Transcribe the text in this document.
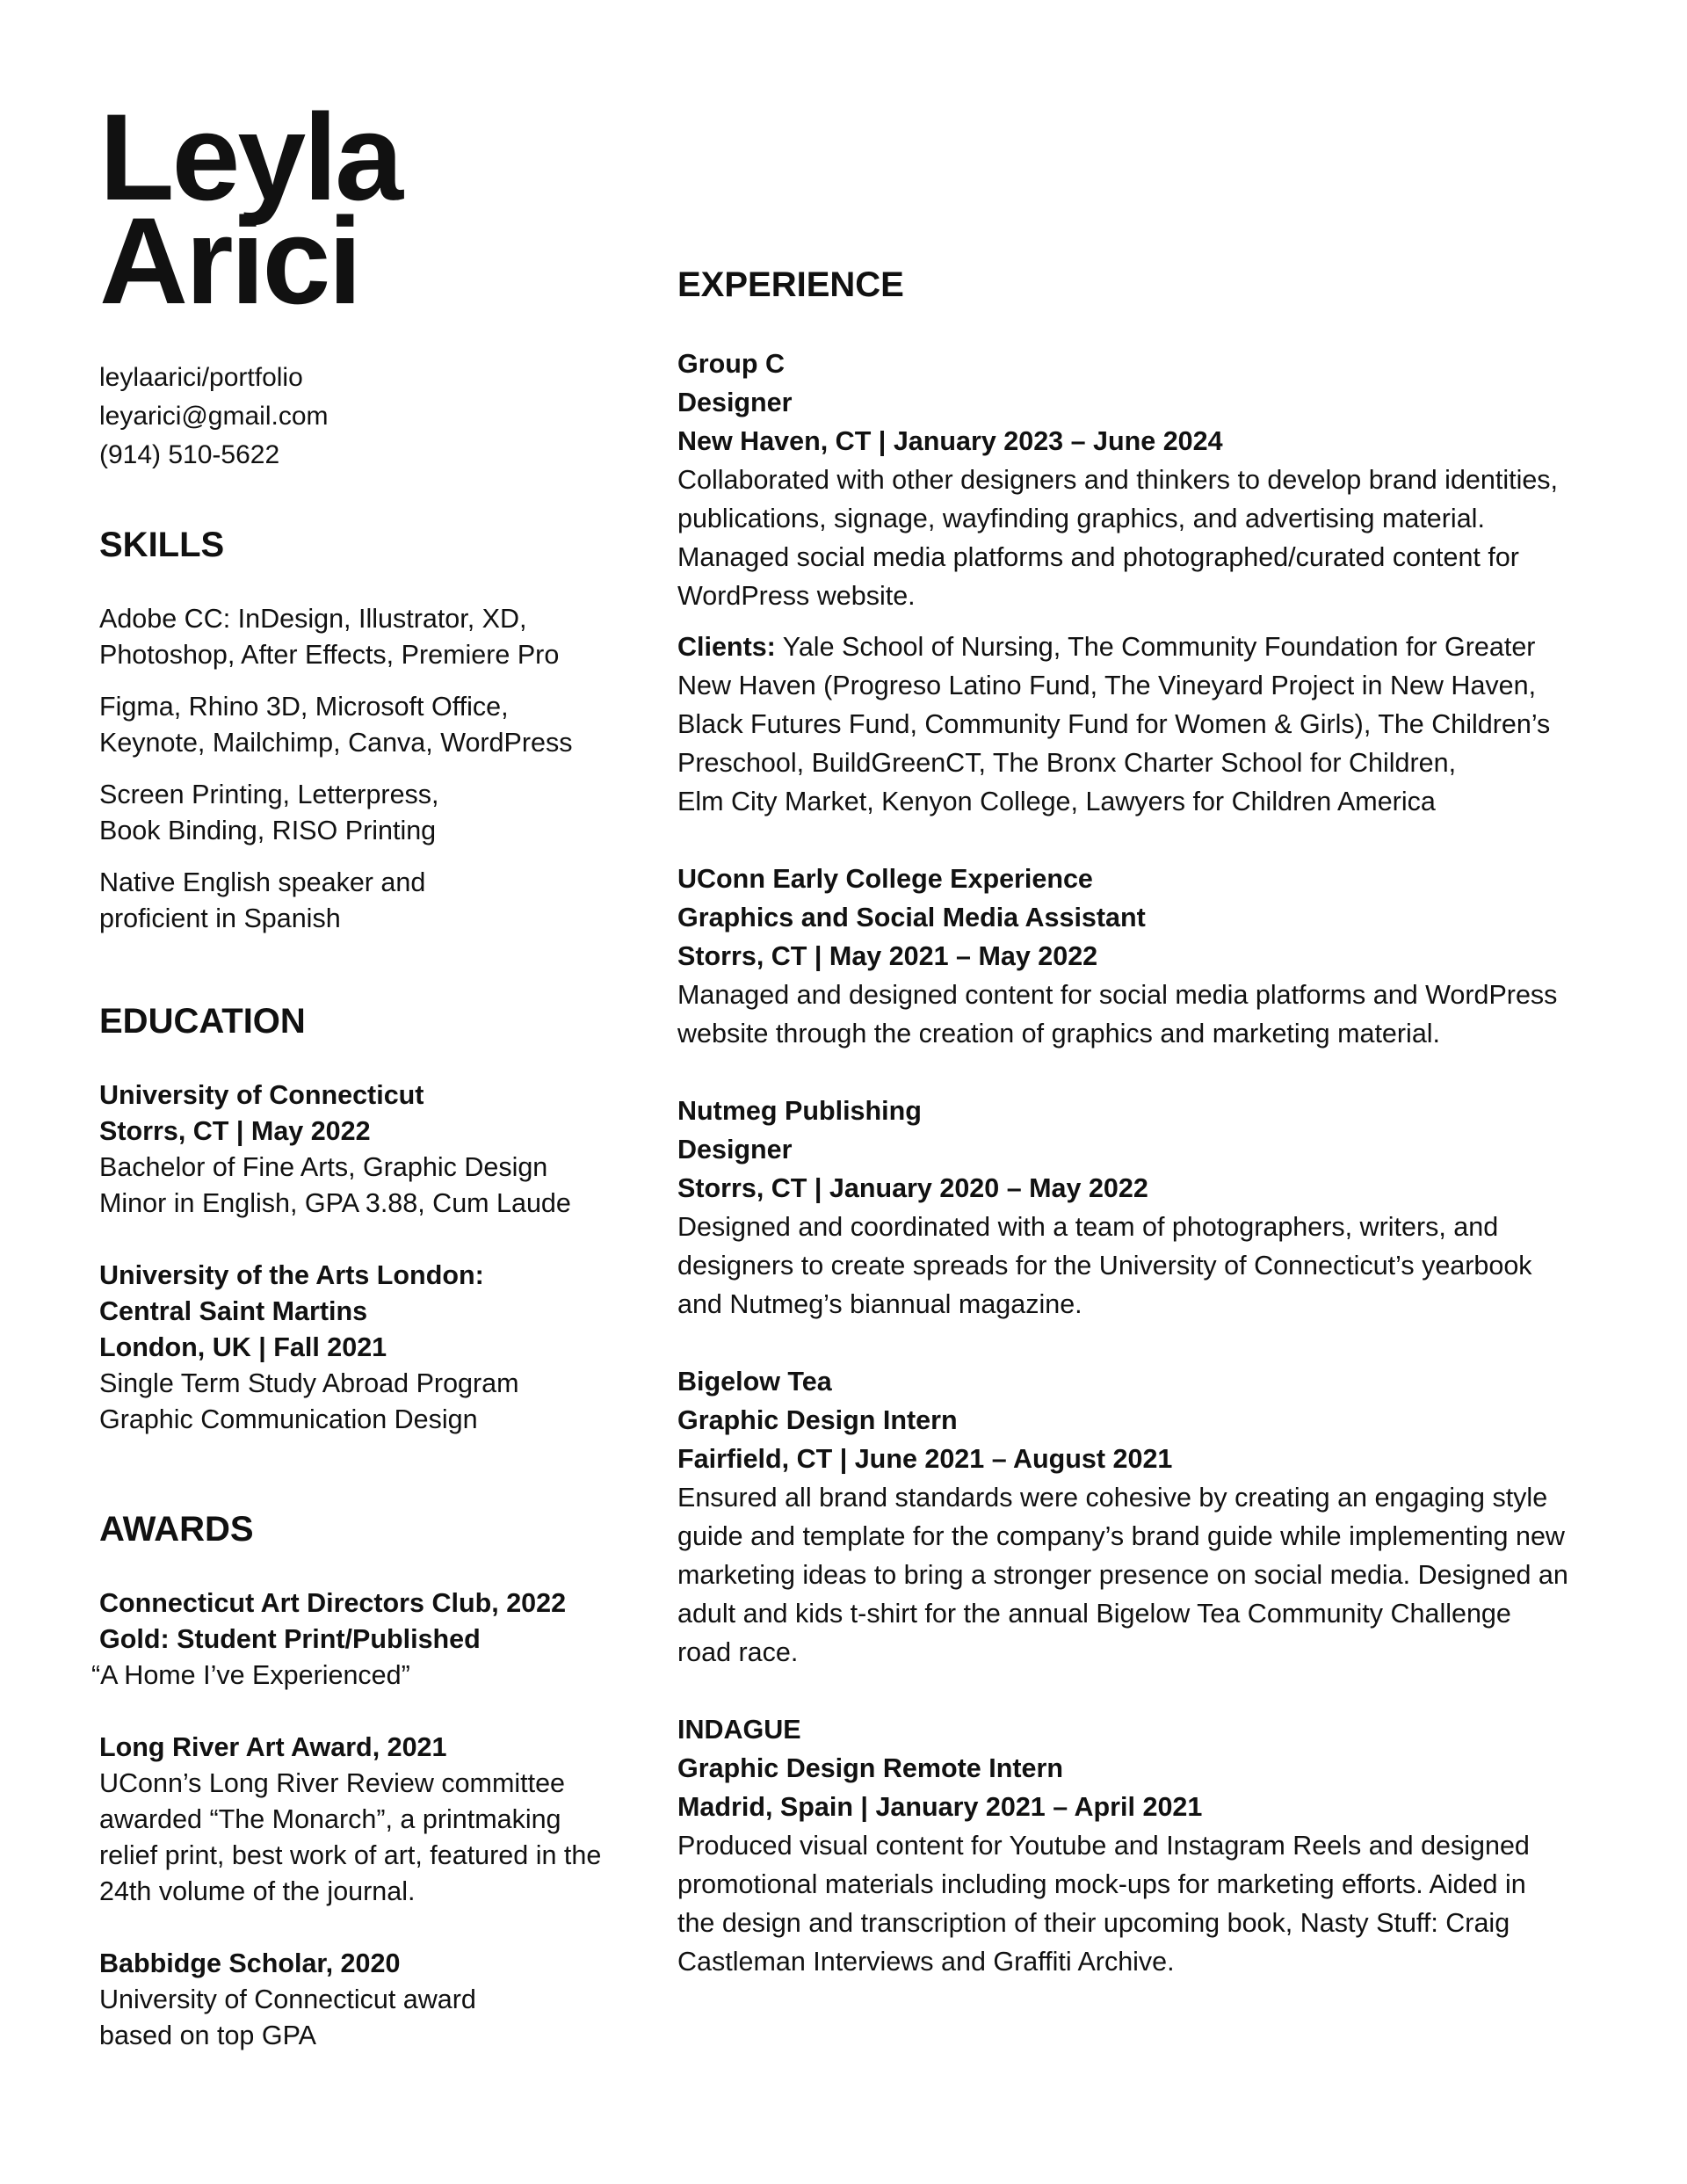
Leyla
Arici
leylaarici/portfolio
leyarici@gmail.com
(914) 510-5622
SKILLS
Adobe CC: InDesign, Illustrator, XD,
Photoshop, After Effects, Premiere Pro
Figma, Rhino 3D, Microsoft Office,
Keynote, Mailchimp, Canva, WordPress
Screen Printing, Letterpress,
Book Binding, RISO Printing
Native English speaker and
proficient in Spanish
EDUCATION
University of Connecticut
Storrs, CT | May 2022
Bachelor of Fine Arts, Graphic Design
Minor in English, GPA 3.88, Cum Laude
University of the Arts London:
Central Saint Martins
London, UK | Fall 2021
Single Term Study Abroad Program
Graphic Communication Design
AWARDS
Connecticut Art Directors Club, 2022
Gold: Student Print/Published
“A Home I’ve Experienced”
Long River Art Award, 2021
UConn’s Long River Review committee
awarded “The Monarch”, a printmaking
relief print, best work of art, featured in the
24th volume of the journal.
Babbidge Scholar, 2020
University of Connecticut award
based on top GPA
EXPERIENCE
Group C
Designer
New Haven, CT | January 2023 – June 2024
Collaborated with other designers and thinkers to develop brand identities,
publications, signage, wayfinding graphics, and advertising material.
Managed social media platforms and photographed/curated content for
WordPress website.
Clients: Yale School of Nursing, The Community Foundation for Greater
New Haven (Progreso Latino Fund, The Vineyard Project in New Haven,
Black Futures Fund, Community Fund for Women & Girls), The Children’s
Preschool, BuildGreenCT, The Bronx Charter School for Children,
Elm City Market, Kenyon College, Lawyers for Children America
UConn Early College Experience
Graphics and Social Media Assistant
Storrs, CT | May 2021 – May 2022
Managed and designed content for social media platforms and WordPress
website through the creation of graphics and marketing material.
Nutmeg Publishing
Designer
Storrs, CT | January 2020 – May 2022
Designed and coordinated with a team of photographers, writers, and
designers to create spreads for the University of Connecticut’s yearbook
and Nutmeg’s biannual magazine.
Bigelow Tea
Graphic Design Intern
Fairfield, CT | June 2021 – August 2021
Ensured all brand standards were cohesive by creating an engaging style
guide and template for the company’s brand guide while implementing new
marketing ideas to bring a stronger presence on social media. Designed an
adult and kids t-shirt for the annual Bigelow Tea Community Challenge
road race.
INDAGUE
Graphic Design Remote Intern
Madrid, Spain | January 2021 – April 2021
Produced visual content for Youtube and Instagram Reels and designed
promotional materials including mock-ups for marketing efforts. Aided in
the design and transcription of their upcoming book, Nasty Stuff: Craig
Castleman Interviews and Graffiti Archive.
